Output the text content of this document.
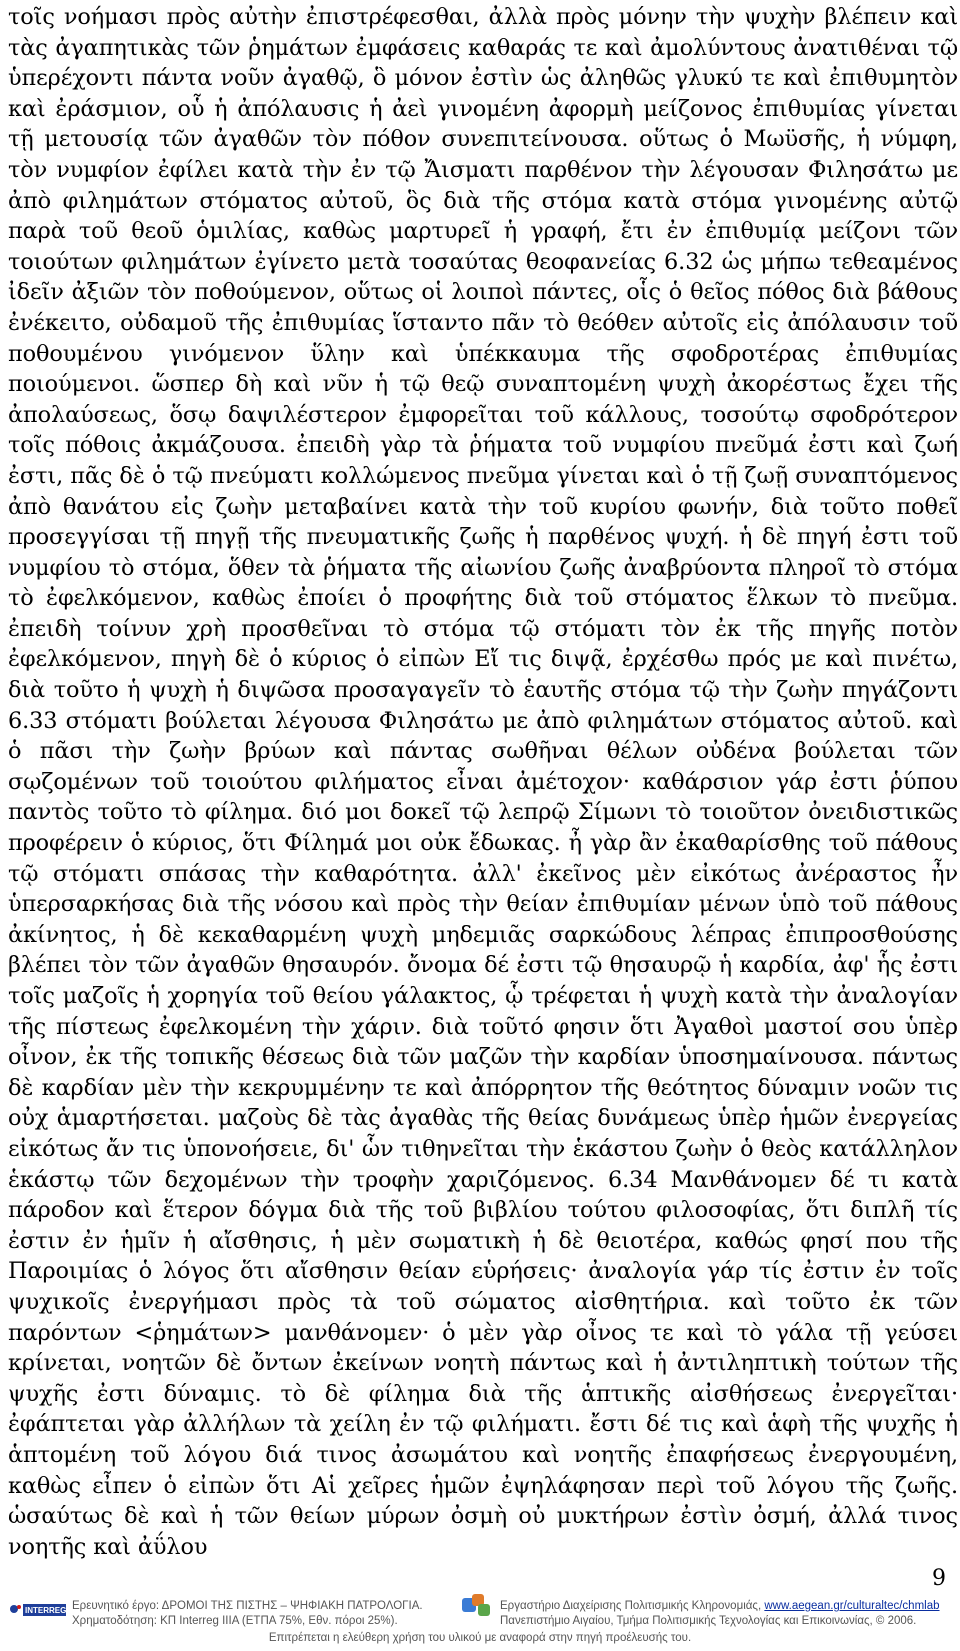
τοῖς νοήμασι πρὸς αὐτὴν ἐπιστρέφεσθαι, ἀλλὰ πρὸς μόνην τὴν ψυχὴν βλέπειν καὶ τὰς ἀγαπητικὰς τῶν ῥημάτων ἐμφάσεις καθαράς τε καὶ ἀμολύντους ἀνατιθέναι τῷ ὑπερέχοντι πάντα νοῦν ἀγαθῷ, ὃ μόνον ἐστὶν ὡς ἀληθῶς γλυκύ τε καὶ ἐπιθυμητὸν καὶ ἐράσμιον, οὗ ἡ ἀπόλαυσις ἡ ἀεὶ γινομένη ἀφορμὴ μείζονος ἐπιθυμίας γίνεται τῇ μετουσίᾳ τῶν ἀγαθῶν τὸν πόθον συνεπιτείνουσα. οὕτως ὁ Μωϋσῆς, ἡ νύμφη, τὸν νυμφίον ἐφίλει κατὰ τὴν ἐν τῷ Ἄισματι παρθένον τὴν λέγουσαν Φιλησάτω με ἀπὸ φιλημάτων στόματος αὐτοῦ, ὃς διὰ τῆς στόμα κατὰ στόμα γινομένης αὐτῷ παρὰ τοῦ θεοῦ ὁμιλίας, καθὼς μαρτυρεῖ ἡ γραφή, ἔτι ἐν ἐπιθυμίᾳ μείζονι τῶν τοιούτων φιλημάτων ἐγίνετο μετὰ τοσαύτας θεοφανείας 6.32 ὡς μήπω τεθεαμένος ἰδεῖν ἀξιῶν τὸν ποθούμενον, οὕτως οἱ λοιποὶ πάντες, οἷς ὁ θεῖος πόθος διὰ βάθους ἐνέκειτο, οὐδαμοῦ τῆς ἐπιθυμίας ἵσταντο πᾶν τὸ θεόθεν αὐτοῖς εἰς ἀπόλαυσιν τοῦ ποθουμένου γινόμενον ὕλην καὶ ὑπέκκαυμα τῆς σφοδροτέρας ἐπιθυμίας ποιούμενοι. ὥσπερ δὴ καὶ νῦν ἡ τῷ θεῷ συναπτομένη ψυχὴ ἀκορέστως ἔχει τῆς ἀπολαύσεως, ὅσῳ δαψιλέστερον ἐμφορεῖται τοῦ κάλλους, τοσούτῳ σφοδρότερον τοῖς πόθοις ἀκμάζουσα. ἐπειδὴ γὰρ τὰ ῥήματα τοῦ νυμφίου πνεῦμά ἐστι καὶ ζωή ἐστι, πᾶς δὲ ὁ τῷ πνεύματι κολλώμενος πνεῦμα γίνεται καὶ ὁ τῇ ζωῇ συναπτόμενος ἀπὸ θανάτου εἰς ζωὴν μεταβαίνει κατὰ τὴν τοῦ κυρίου φωνήν, διὰ τοῦτο ποθεῖ προσεγγίσαι τῇ πηγῇ τῆς πνευματικῆς ζωῆς ἡ παρθένος ψυχή. ἡ δὲ πηγή ἐστι τοῦ νυμφίου τὸ στόμα, ὅθεν τὰ ῥήματα τῆς αἰωνίου ζωῆς ἀναβρύοντα πληροῖ τὸ στόμα τὸ ἐφελκόμενον, καθὼς ἐποίει ὁ προφήτης διὰ τοῦ στόματος ἕλκων τὸ πνεῦμα. ἐπειδὴ τοίνυν χρὴ προσθεῖναι τὸ στόμα τῷ στόματι τὸν ἐκ τῆς πηγῆς ποτὸν ἐφελκόμενον, πηγὴ δὲ ὁ κύριος ὁ εἰπὼν Εἴ τις διψᾷ, ἐρχέσθω πρός με καὶ πινέτω, διὰ τοῦτο ἡ ψυχὴ ἡ διψῶσα προσαγαγεῖν τὸ ἑαυτῆς στόμα τῷ τὴν ζωὴν πηγάζοντι 6.33 στόματι βούλεται λέγουσα Φιλησάτω με ἀπὸ φιλημάτων στόματος αὐτοῦ. καὶ ὁ πᾶσι τὴν ζωὴν βρύων καὶ πάντας σωθῆναι θέλων οὐδένα βούλεται τῶν σῳζομένων τοῦ τοιούτου φιλήματος εἶναι ἀμέτοχον· καθάρσιον γάρ ἐστι ῥύπου παντὸς τοῦτο τὸ φίλημα. διό μοι δοκεῖ τῷ λεπρῷ Σίμωνι τὸ τοιοῦτον ὀνειδιστικῶς προφέρειν ὁ κύριος, ὅτι Φίλημά μοι οὐκ ἔδωκας. ἦ γὰρ ἂν ἐκαθαρίσθης τοῦ πάθους τῷ στόματι σπάσας τὴν καθαρότητα. ἀλλ' ἐκεῖνος μὲν εἰκότως ἀνέραστος ἦν ὑπερσαρκήσας διὰ τῆς νόσου καὶ πρὸς τὴν θείαν ἐπιθυμίαν μένων ὑπὸ τοῦ πάθους ἀκίνητος, ἡ δὲ κεκαθαρμένη ψυχὴ μηδεμιᾶς σαρκώδους λέπρας ἐπιπροσθούσης βλέπει τὸν τῶν ἀγαθῶν θησαυρόν. ὄνομα δέ ἐστι τῷ θησαυρῷ ἡ καρδία, ἀφ' ἧς ἐστι τοῖς μαζοῖς ἡ χορηγία τοῦ θείου γάλακτος, ᾧ τρέφεται ἡ ψυχὴ κατὰ τὴν ἀναλογίαν τῆς πίστεως ἐφελκομένη τὴν χάριν. διὰ τοῦτό φησιν ὅτι Ἀγαθοὶ μαστοί σου ὑπὲρ οἶνον, ἐκ τῆς τοπικῆς θέσεως διὰ τῶν μαζῶν τὴν καρδίαν ὑποσημαίνουσα. πάντως δὲ καρδίαν μὲν τὴν κεκρυμμένην τε καὶ ἀπόρρητον τῆς θεότητος δύναμιν νοῶν τις οὐχ ἁμαρτήσεται. μαζοὺς δὲ τὰς ἀγαθὰς τῆς θείας δυνάμεως ὑπὲρ ἡμῶν ἐνεργείας εἰκότως ἄν τις ὑπονοήσειε, δι' ὧν τιθηνεῖται τὴν ἑκάστου ζωὴν ὁ θεὸς κατάλληλον ἑκάστῳ τῶν δεχομένων τὴν τροφὴν χαριζόμενος. 6.34 Μανθάνομεν δέ τι κατὰ πάροδον καὶ ἕτερον δόγμα διὰ τῆς τοῦ βιβλίου τούτου φιλοσοφίας, ὅτι διπλῆ τίς ἐστιν ἐν ἡμῖν ἡ αἴσθησις, ἡ μὲν σωματικὴ ἡ δὲ θειοτέρα, καθώς φησί που τῆς Παροιμίας ὁ λόγος ὅτι αἴσθησιν θείαν εὑρήσεις· ἀναλογία γάρ τίς ἐστιν ἐν τοῖς ψυχικοῖς ἐνεργήμασι πρὸς τὰ τοῦ σώματος αἰσθητήρια. καὶ τοῦτο ἐκ τῶν παρόντων <ῥημάτων> μανθάνομεν· ὁ μὲν γὰρ οἶνος τε καὶ τὸ γάλα τῇ γεύσει κρίνεται, νοητῶν δὲ ὄντων ἐκείνων νοητὴ πάντως καὶ ἡ ἀντιληπτικὴ τούτων τῆς ψυχῆς ἐστι δύναμις. τὸ δὲ φίλημα διὰ τῆς ἁπτικῆς αἰσθήσεως ἐνεργεῖται· ἐφάπτεται γὰρ ἀλλήλων τὰ χείλη ἐν τῷ φιλήματι. ἔστι δέ τις καὶ ἁφὴ τῆς ψυχῆς ἡ ἁπτομένη τοῦ λόγου διά τινος ἀσωμάτου καὶ νοητῆς ἐπαφήσεως ἐνεργουμένη, καθὼς εἶπεν ὁ εἰπὼν ὅτι Αἱ χεῖρες ἡμῶν ἐψηλάφησαν περὶ τοῦ λόγου τῆς ζωῆς. ὡσαύτως δὲ καὶ ἡ τῶν θείων μύρων ὀσμὴ οὐ μυκτήρων ἐστὶν ὀσμή, ἀλλά τινος νοητῆς καὶ ἀΰλου

9
INTERREG III
Ερευνητικό έργο: ΔΡΟΜΟΙ ΤΗΣ ΠΙΣΤΗΣ – ΨΗΦΙΑΚΗ ΠΑΤΡΟΛΟΓΙΑ.
Χρηματοδότηση: ΚΠ Interreg IIIA (ΕΤΠΑ 75%, Εθν. πόροι 25%).
Εργαστήριο Διαχείρισης Πολιτισμικής Κληρονομιάς, www.aegean.gr/culturaltec/chmlab
Πανεπιστήμιο Αιγαίου, Τμήμα Πολιτισμικής Τεχνολογίας και Επικοινωνίας, © 2006.
Επιτρέπεται η ελεύθερη χρήση του υλικού με αναφορά στην πηγή προέλευσής του.
